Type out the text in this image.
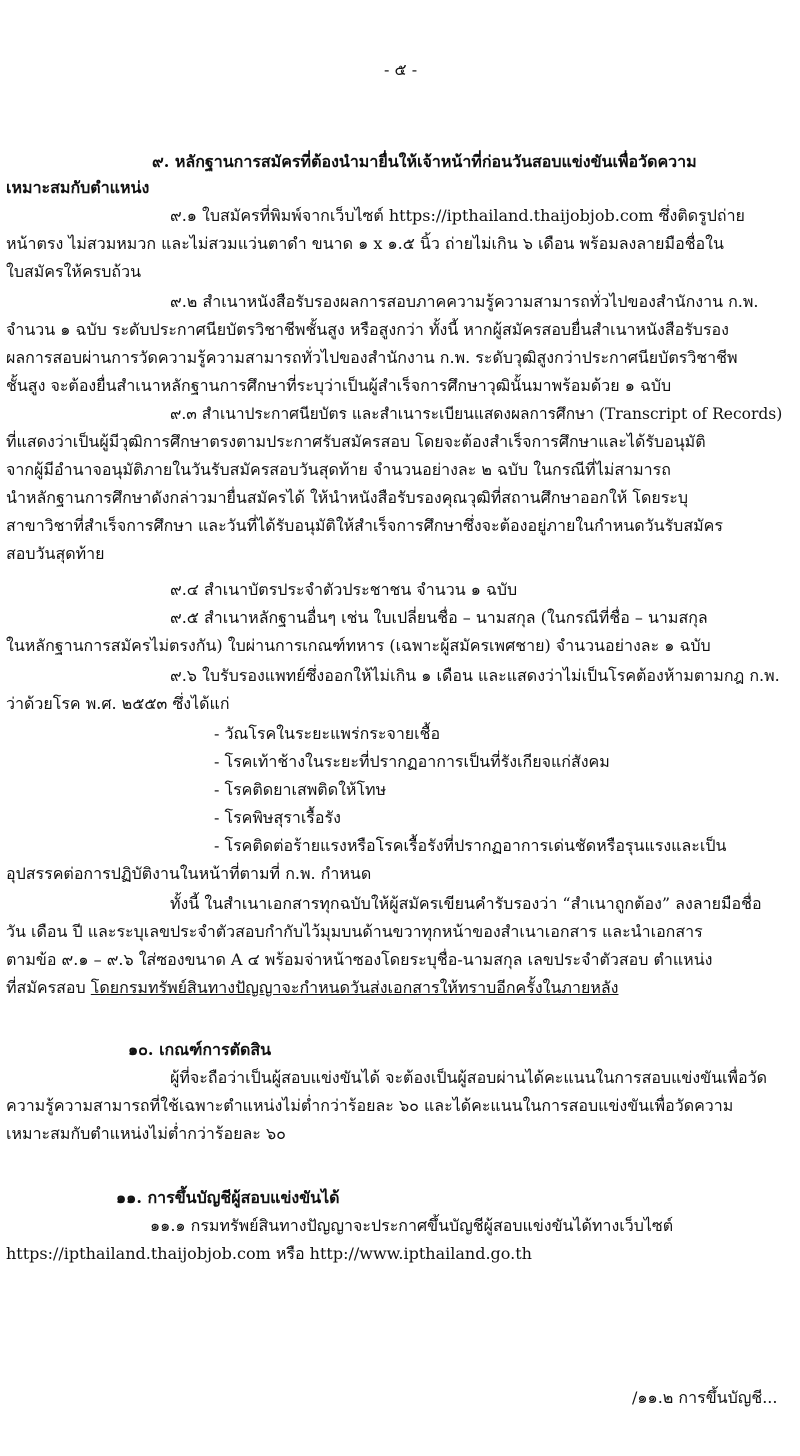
- ๕ -

๙. หลักฐานการสมัครที่ต้องนำมายื่นให้เจ้าหน้าที่ก่อนวันสอบแข่งขันเพื่อวัดความ

เหมาะสมกับตำแหน่ง

๙.๑ ใบสมัครที่พิมพ์จากเว็บไซต์ https://ipthailand.thaijobjob.com ซึ่งติดรูปถ่าย

หน้าตรง ไม่สวมหมวก และไม่สวมแว่นตาดำ ขนาด ๑ x ๑.๕ นิ้ว ถ่ายไม่เกิน ๖ เดือน พร้อมลงลายมือชื่อใน

ใบสมัครให้ครบถ้วน

๙.๒ สำเนาหนังสือรับรองผลการสอบภาคความรู้ความสามารถทั่วไปของสำนักงาน ก.พ.

จำนวน ๑ ฉบับ ระดับประกาศนียบัตรวิชาชีพชั้นสูง หรือสูงกว่า ทั้งนี้ หากผู้สมัครสอบยื่นสำเนาหนังสือรับรอง

ผลการสอบผ่านการวัดความรู้ความสามารถทั่วไปของสำนักงาน ก.พ. ระดับวุฒิสูงกว่าประกาศนียบัตรวิชาชีพ

ชั้นสูง จะต้องยื่นสำเนาหลักฐานการศึกษาที่ระบุว่าเป็นผู้สำเร็จการศึกษาวุฒินั้นมาพร้อมด้วย ๑ ฉบับ

๙.๓ สำเนาประกาศนียบัตร และสำเนาระเบียนแสดงผลการศึกษา (Transcript of Records)

ที่แสดงว่าเป็นผู้มีวุฒิการศึกษาตรงตามประกาศรับสมัครสอบ โดยจะต้องสำเร็จการศึกษาและได้รับอนุมัติ

จากผู้มีอำนาจอนุมัติภายในวันรับสมัครสอบวันสุดท้าย จำนวนอย่างละ ๒ ฉบับ ในกรณีที่ไม่สามารถ

นำหลักฐานการศึกษาดังกล่าวมายื่นสมัครได้ ให้นำหนังสือรับรองคุณวุฒิที่สถานศึกษาออกให้ โดยระบุ

สาขาวิชาที่สำเร็จการศึกษา และวันที่ได้รับอนุมัติให้สำเร็จการศึกษาซึ่งจะต้องอยู่ภายในกำหนดวันรับสมัคร

สอบวันสุดท้าย

๙.๔ สำเนาบัตรประจำตัวประชาชน จำนวน ๑ ฉบับ

๙.๕ สำเนาหลักฐานอื่นๆ เช่น ใบเปลี่ยนชื่อ – นามสกุล (ในกรณีที่ชื่อ – นามสกุล

ในหลักฐานการสมัครไม่ตรงกัน) ใบผ่านการเกณฑ์ทหาร (เฉพาะผู้สมัครเพศชาย) จำนวนอย่างละ ๑ ฉบับ

๙.๖ ใบรับรองแพทย์ซึ่งออกให้ไม่เกิน ๑ เดือน และแสดงว่าไม่เป็นโรคต้องห้ามตามกฎ ก.พ.

ว่าด้วยโรค พ.ศ. ๒๕๕๓ ซึ่งได้แก่

- วัณโรคในระยะแพร่กระจายเชื้อ

- โรคเท้าช้างในระยะที่ปรากฏอาการเป็นที่รังเกียจแก่สังคม

- โรคติดยาเสพติดให้โทษ

- โรคพิษสุราเรื้อรัง

- โรคติดต่อร้ายแรงหรือโรคเรื้อรังที่ปรากฏอาการเด่นชัดหรือรุนแรงและเป็น

อุปสรรคต่อการปฏิบัติงานในหน้าที่ตามที่ ก.พ. กำหนด

ทั้งนี้ ในสำเนาเอกสารทุกฉบับให้ผู้สมัครเขียนคำรับรองว่า “สำเนาถูกต้อง” ลงลายมือชื่อ

วัน เดือน ปี และระบุเลขประจำตัวสอบกำกับไว้มุมบนด้านขวาทุกหน้าของสำเนาเอกสาร และนำเอกสาร

ตามข้อ ๙.๑ – ๙.๖ ใส่ซองขนาด A ๔ พร้อมจ่าหน้าซองโดยระบุชื่อ-นามสกุล เลขประจำตัวสอบ ตำแหน่ง

ที่สมัครสอบ โดยกรมทรัพย์สินทางปัญญาจะกำหนดวันส่งเอกสารให้ทราบอีกครั้งในภายหลัง

๑๐. เกณฑ์การตัดสิน

ผู้ที่จะถือว่าเป็นผู้สอบแข่งขันได้ จะต้องเป็นผู้สอบผ่านได้คะแนนในการสอบแข่งขันเพื่อวัด

ความรู้ความสามารถที่ใช้เฉพาะตำแหน่งไม่ต่ำกว่าร้อยละ ๖๐ และได้คะแนนในการสอบแข่งขันเพื่อวัดความ

เหมาะสมกับตำแหน่งไม่ต่ำกว่าร้อยละ ๖๐

๑๑. การขึ้นบัญชีผู้สอบแข่งขันได้

๑๑.๑ กรมทรัพย์สินทางปัญญาจะประกาศขึ้นบัญชีผู้สอบแข่งขันได้ทางเว็บไซต์

https://ipthailand.thaijobjob.com หรือ http://www.ipthailand.go.th

/๑๑.๒ การขึ้นบัญชี...
